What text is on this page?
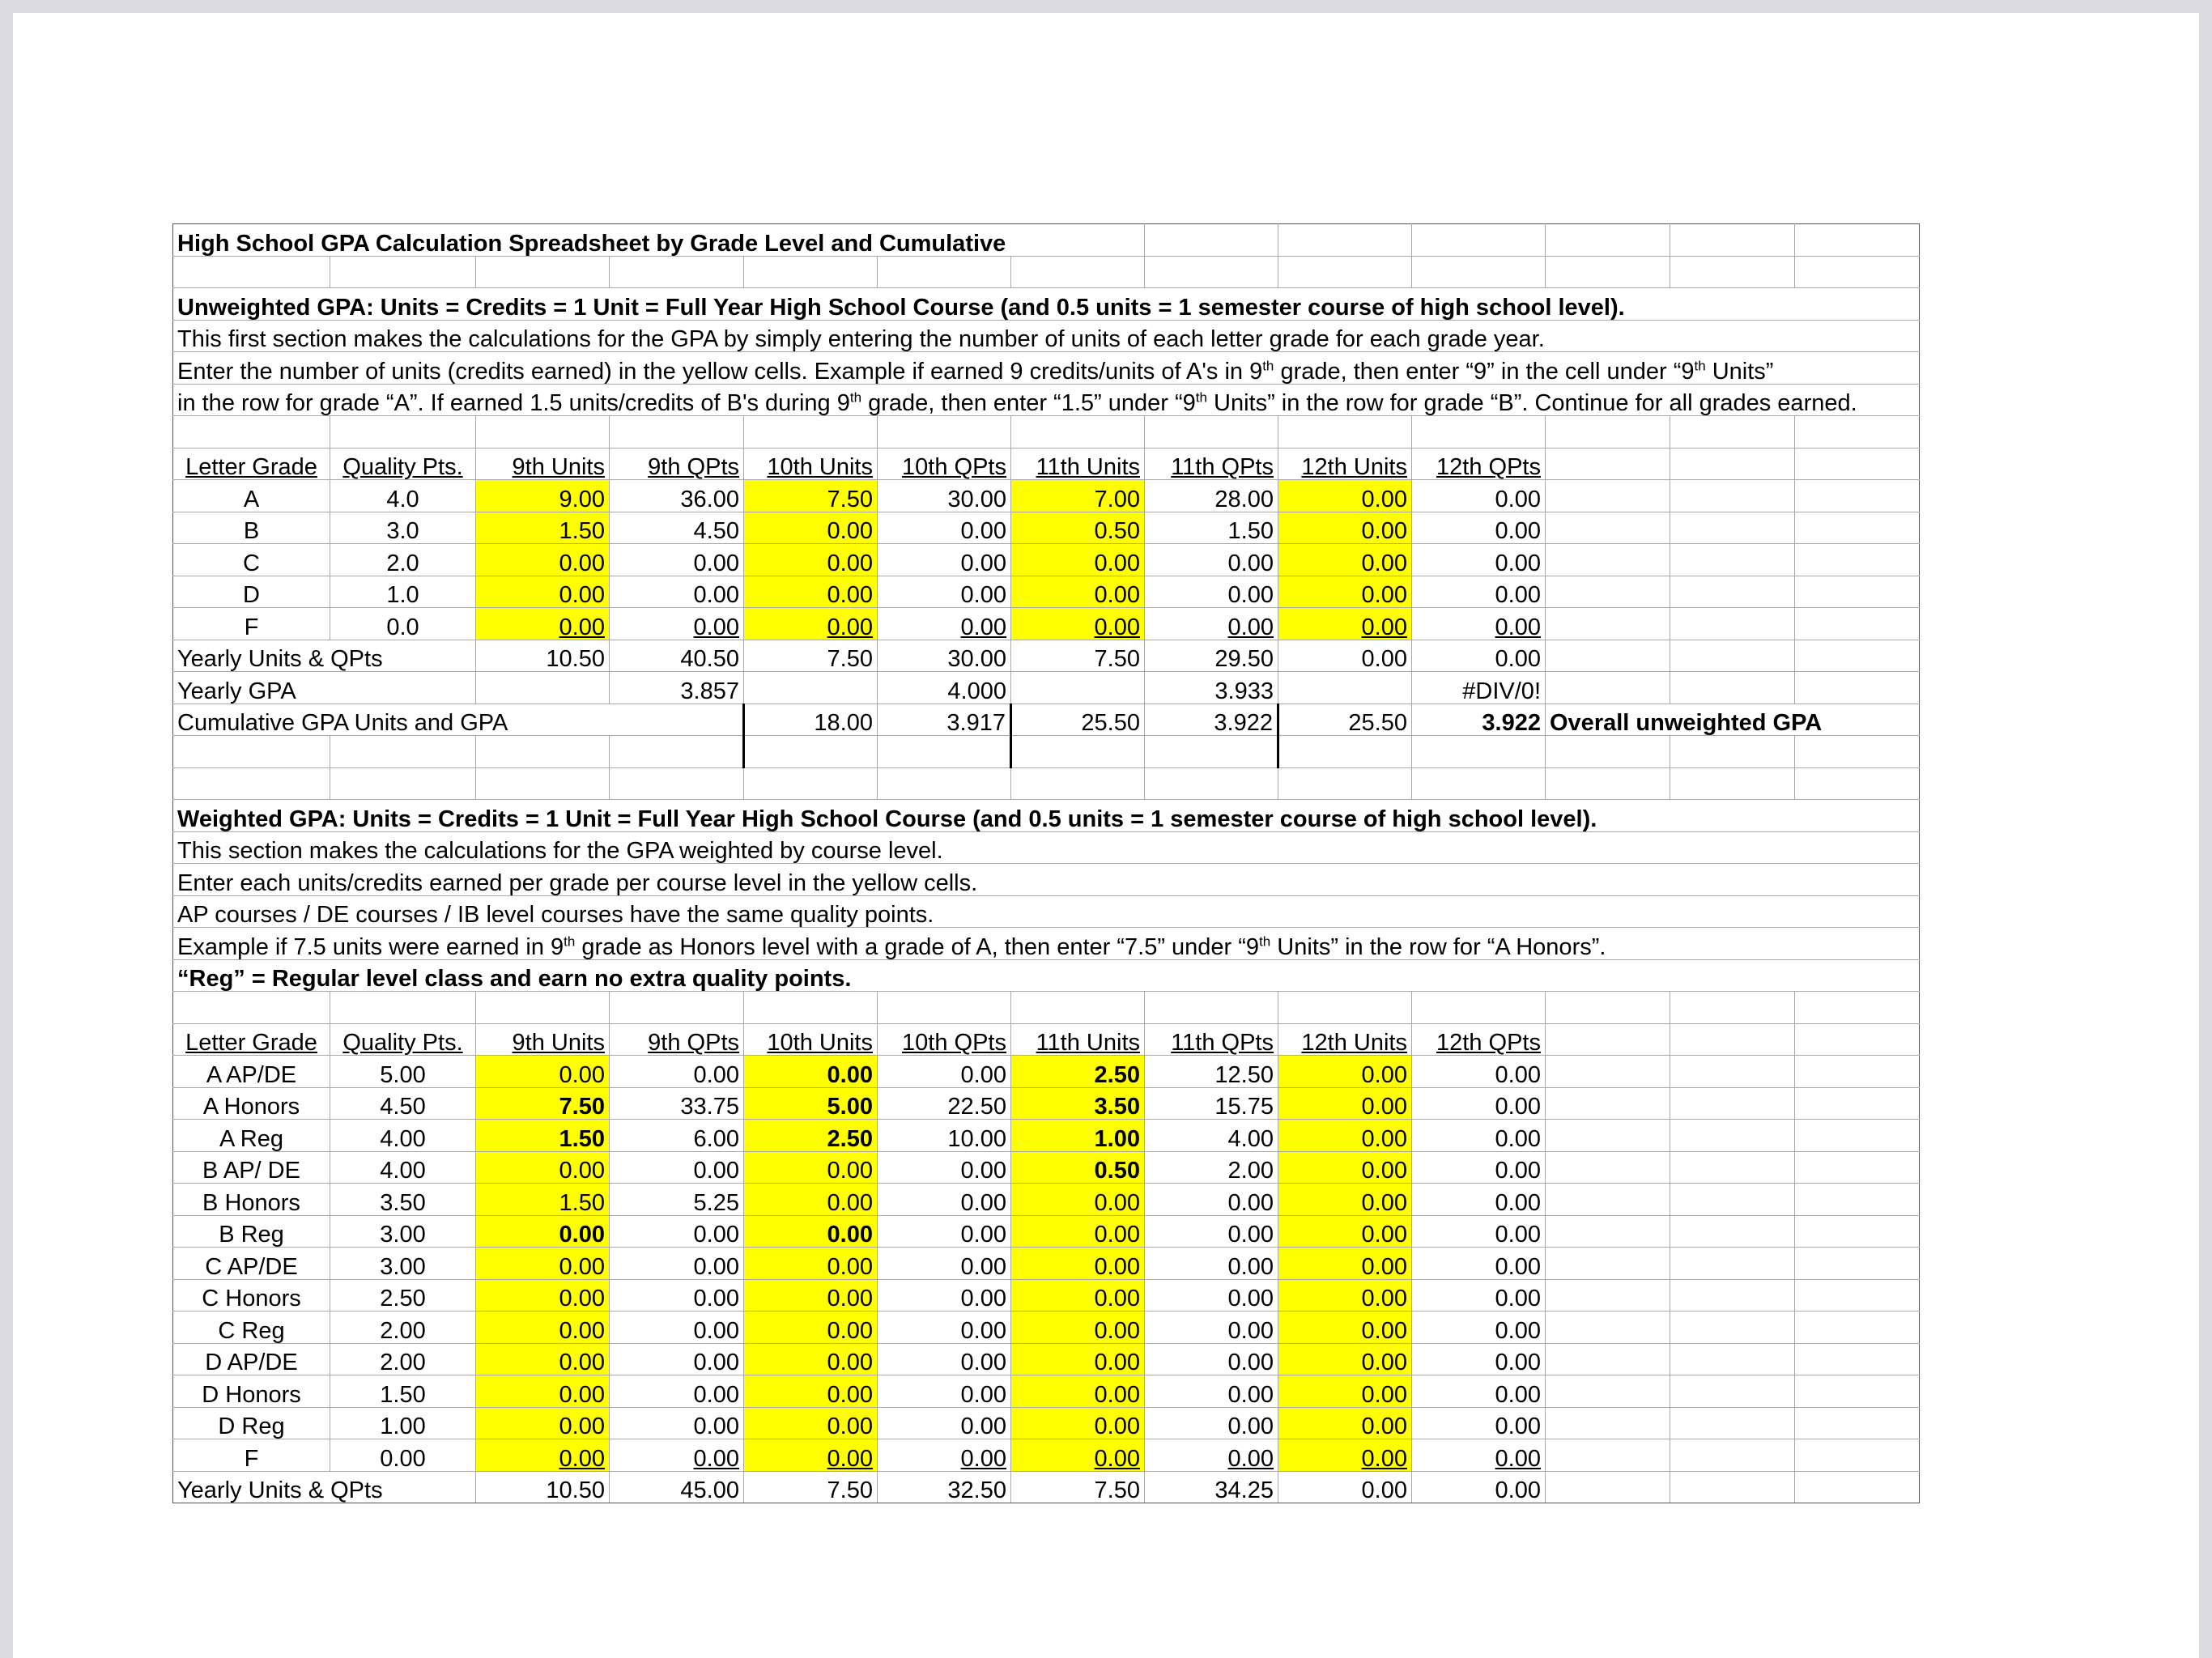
High School GPA Calculation Spreadsheet by Grade Level and Cumulative												

Unweighted GPA: Units = Credits = 1 Unit = Full Year High School Course (and 0.5 units = 1 semester course of high school level).												
This first section makes the calculations for the GPA by simply entering the number of units of each letter grade for each grade year.												
Enter the number of units (credits earned) in the yellow cells. Example if earned 9 credits/units of A's in 9th grade, then enter “9” in the cell under “9th Units”												
in the row for grade “A”. If earned 1.5 units/credits of B's during 9th grade, then enter “1.5” under “9th Units” in the row for grade “B”. Continue for all grades earned.												

Letter Grade	Quality Pts.	9th Units	9th QPts	10th Units	10th QPts	11th Units	11th QPts	12th Units	12th QPts			
A	4.0	9.00	36.00	7.50	30.00	7.00	28.00	0.00	0.00			
B	3.0	1.50	4.50	0.00	0.00	0.50	1.50	0.00	0.00			
C	2.0	0.00	0.00	0.00	0.00	0.00	0.00	0.00	0.00			
D	1.0	0.00	0.00	0.00	0.00	0.00	0.00	0.00	0.00			
F	0.0	0.00	0.00	0.00	0.00	0.00	0.00	0.00	0.00			
Yearly Units & QPts		10.50	40.50	7.50	30.00	7.50	29.50	0.00	0.00			
Yearly GPA			3.857		4.000		3.933		#DIV/0!			
Cumulative GPA Units and GPA				18.00	3.917	25.50	3.922	25.50	3.922	Overall unweighted GPA		

Weighted GPA: Units = Credits = 1 Unit = Full Year High School Course (and 0.5 units = 1 semester course of high school level).												
This section makes the calculations for the GPA weighted by course level.												
Enter each units/credits earned per grade per course level in the yellow cells.												
AP courses / DE courses / IB level courses have the same quality points.												
Example if 7.5 units were earned in 9th grade as Honors level with a grade of A, then enter “7.5” under “9th Units” in the row for “A Honors”.												
“Reg” = Regular level class and earn no extra quality points.												

Letter Grade	Quality Pts.	9th Units	9th QPts	10th Units	10th QPts	11th Units	11th QPts	12th Units	12th QPts			
A AP/DE	5.00	0.00	0.00	0.00	0.00	2.50	12.50	0.00	0.00			
A Honors	4.50	7.50	33.75	5.00	22.50	3.50	15.75	0.00	0.00			
A Reg	4.00	1.50	6.00	2.50	10.00	1.00	4.00	0.00	0.00			
B AP/ DE	4.00	0.00	0.00	0.00	0.00	0.50	2.00	0.00	0.00			
B Honors	3.50	1.50	5.25	0.00	0.00	0.00	0.00	0.00	0.00			
B Reg	3.00	0.00	0.00	0.00	0.00	0.00	0.00	0.00	0.00			
C AP/DE	3.00	0.00	0.00	0.00	0.00	0.00	0.00	0.00	0.00			
C Honors	2.50	0.00	0.00	0.00	0.00	0.00	0.00	0.00	0.00			
C Reg	2.00	0.00	0.00	0.00	0.00	0.00	0.00	0.00	0.00			
D AP/DE	2.00	0.00	0.00	0.00	0.00	0.00	0.00	0.00	0.00			
D Honors	1.50	0.00	0.00	0.00	0.00	0.00	0.00	0.00	0.00			
D Reg	1.00	0.00	0.00	0.00	0.00	0.00	0.00	0.00	0.00			
F	0.00	0.00	0.00	0.00	0.00	0.00	0.00	0.00	0.00			
Yearly Units & QPts		10.50	45.00	7.50	32.50	7.50	34.25	0.00	0.00			
